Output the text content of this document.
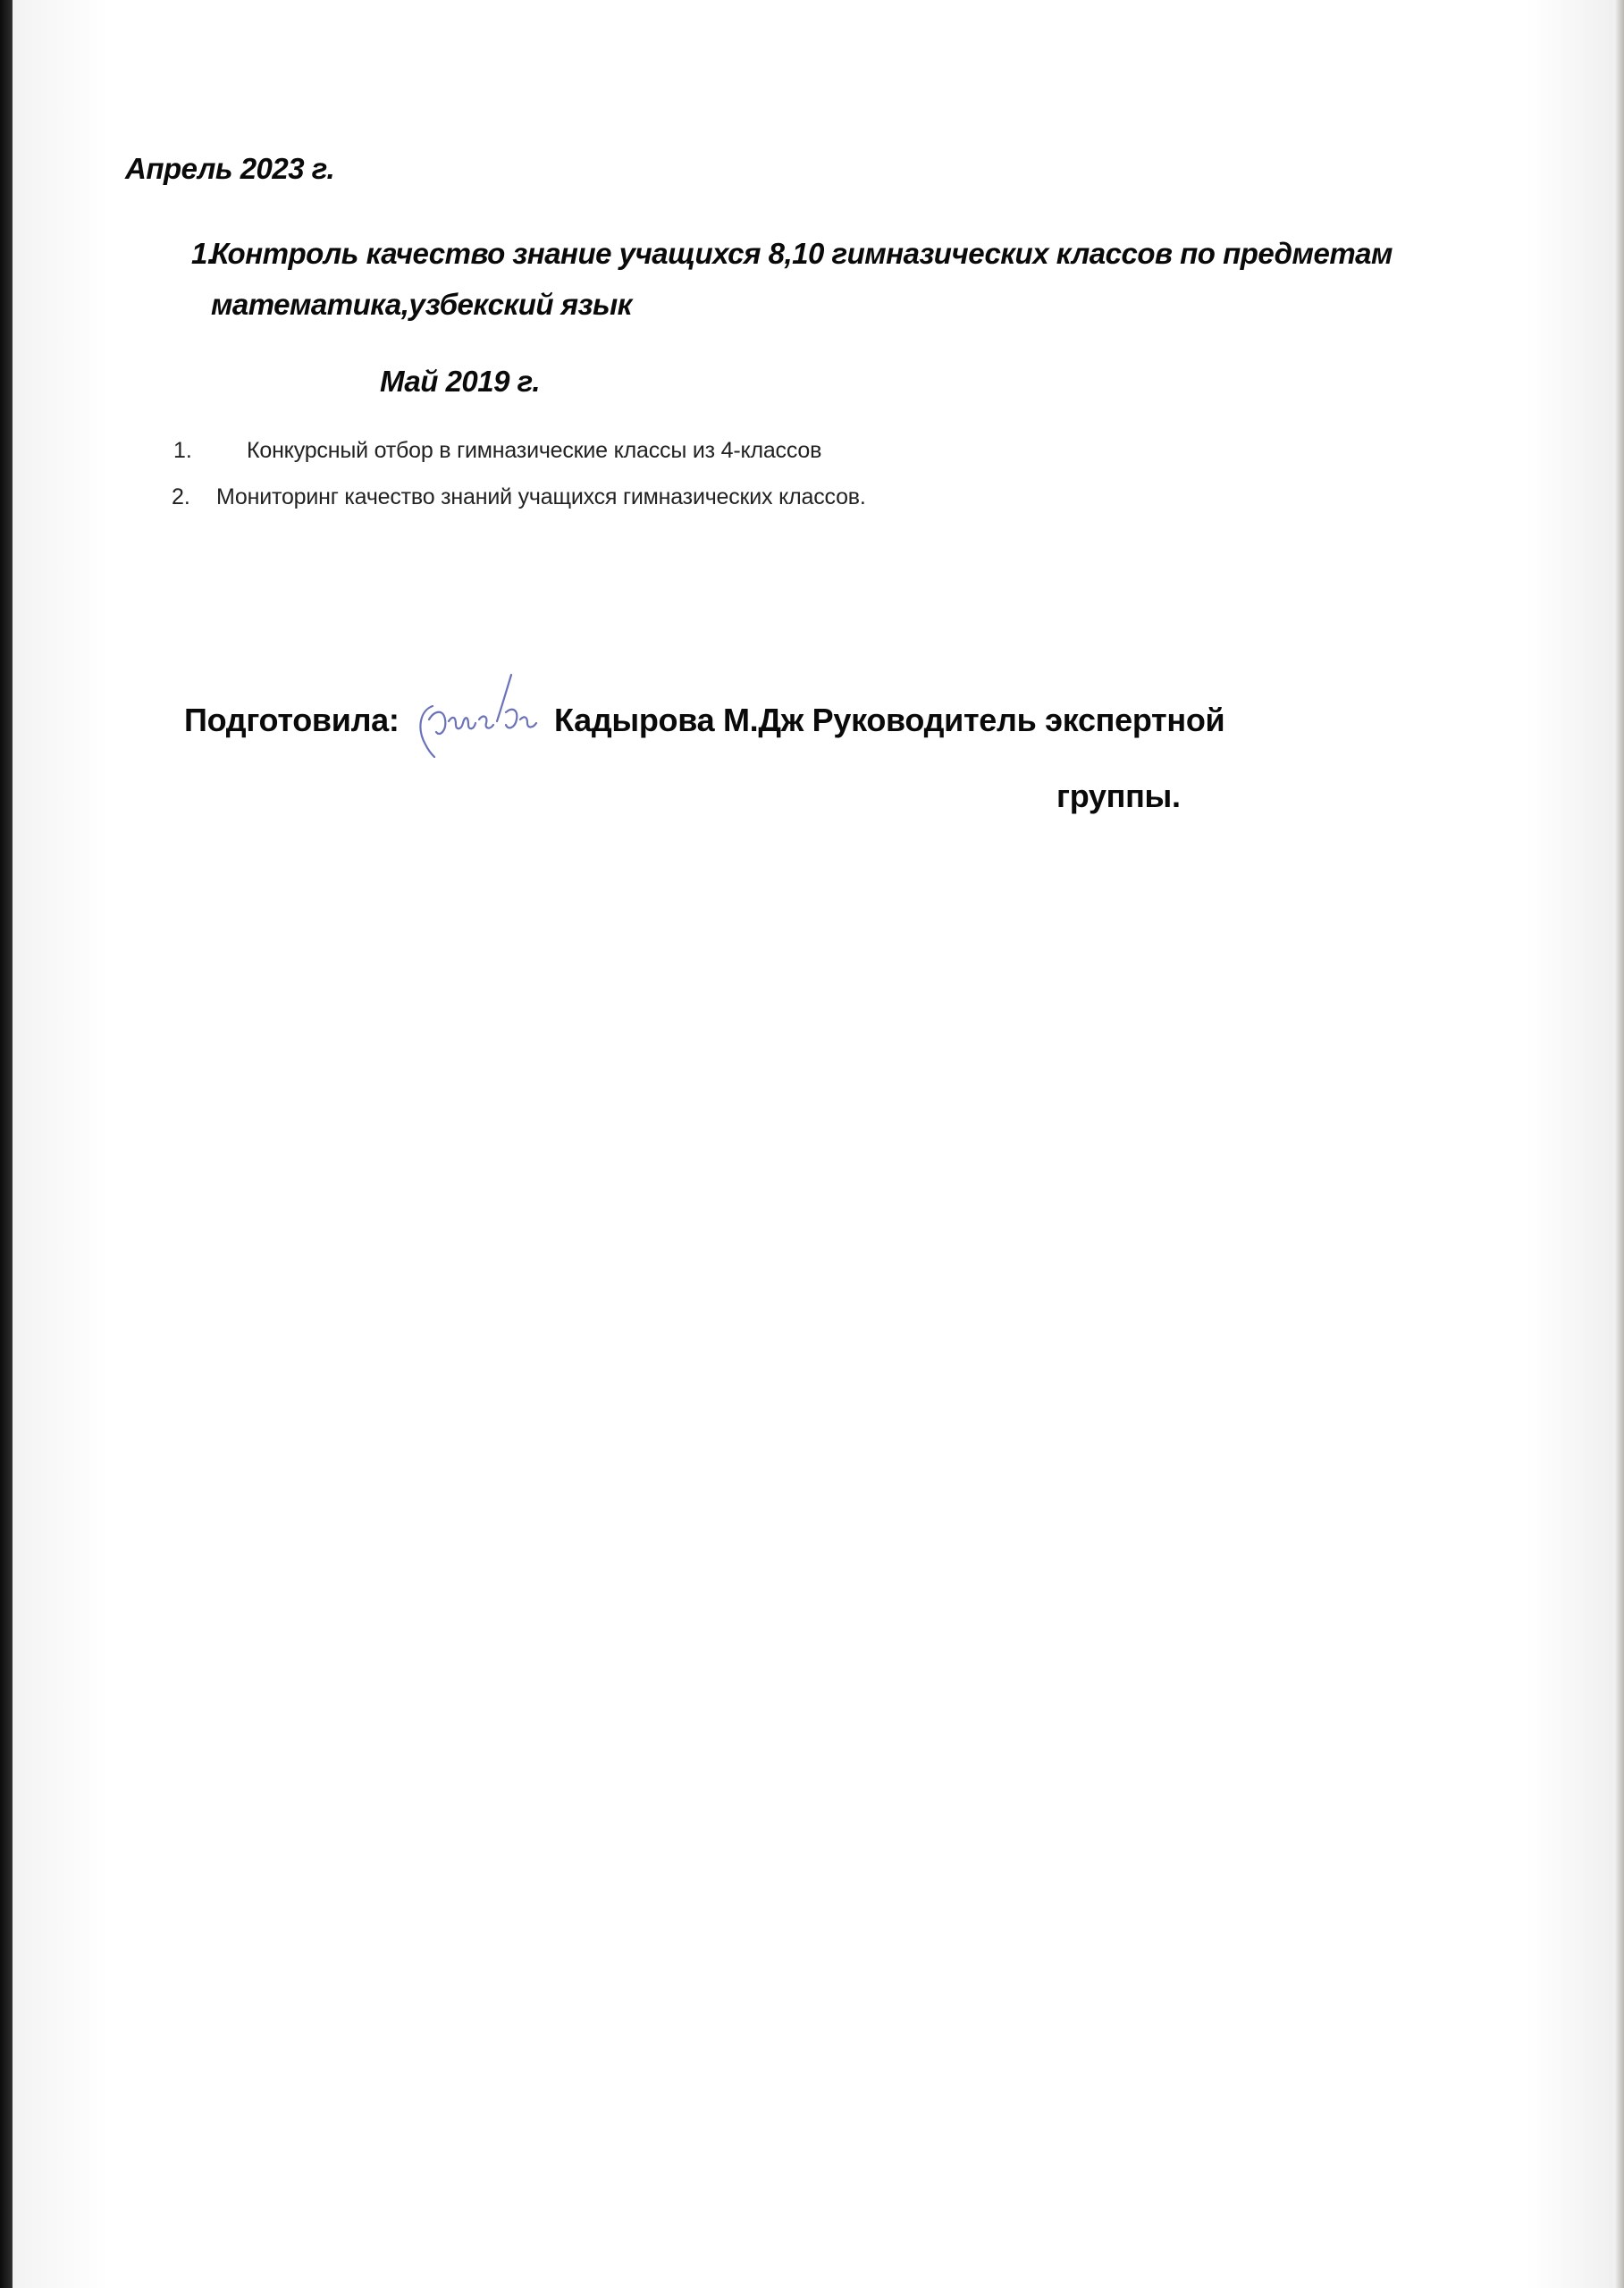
Апрель 2023 г.
1.
Контроль качество знание учащихся 8,10 гимназических классов по предметам
математика,узбекский язык
Май 2019 г.
1. Конкурсный отбор в гимназические классы из 4-классов
2. Мониторинг качество знаний учащихся гимназических классов.
Подготовила:	Кадырова М.Дж Руководитель экспертной
группы.
